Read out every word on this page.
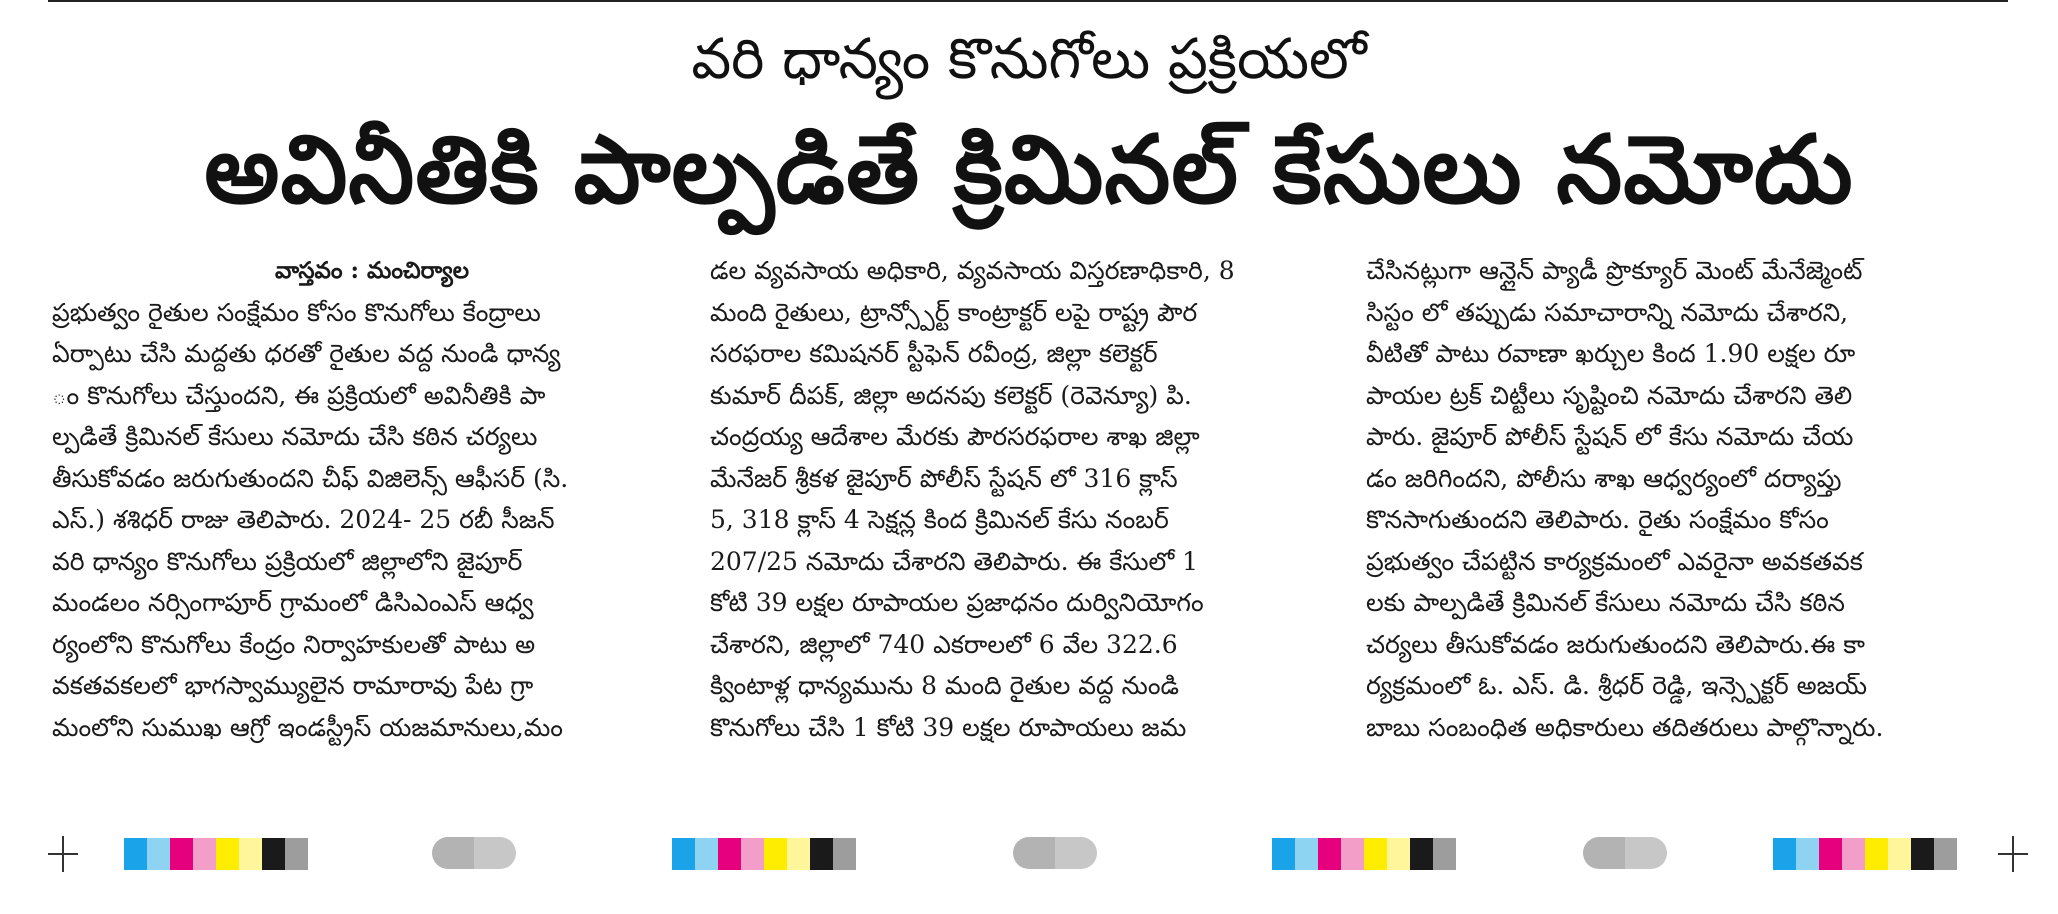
వరి ధాన్యం కొనుగోలు ప్రక్రియలో
అవినీతికి పాల్పడితే క్రిమినల్ కేసులు నమోదు
వాస్తవం : మంచిర్యాల
ప్రభుత్వం రైతుల సంక్షేమం కోసం కొనుగోలు కేంద్రాలు
ఏర్పాటు చేసి మద్దతు ధరతో రైతుల వద్ద నుండి ధాన్య
ం కొనుగోలు చేస్తుందని, ఈ ప్రక్రియలో అవినీతికి పా
ల్పడితే క్రిమినల్ కేసులు నమోదు చేసి కఠిన చర్యలు
తీసుకోవడం జరుగుతుందని చీఫ్ విజిలెన్స్ ఆఫీసర్ (సి.
ఎస్.) శశిధర్ రాజు తెలిపారు. 2024- 25 రబీ సీజన్
వరి ధాన్యం కొనుగోలు ప్రక్రియలో జిల్లాలోని జైపూర్
మండలం నర్సింగాపూర్ గ్రామంలో డిసిఎంఎస్ ఆధ్వ
ర్యంలోని కొనుగోలు కేంద్రం నిర్వాహకులతో పాటు అ
వకతవకలలో భాగస్వామ్యులైన రామారావు పేట గ్రా
మంలోని సుముఖ ఆగ్రో ఇండస్ట్రీస్ యజమానులు,మం
డల వ్యవసాయ అధికారి, వ్యవసాయ విస్తరణాధికారి, 8
మంది రైతులు, ట్రాన్స్పోర్ట్ కాంట్రాక్టర్ లపై రాష్ట్ర పౌర
సరఫరాల కమిషనర్ స్టీఫెన్ రవీంద్ర, జిల్లా కలెక్టర్
కుమార్ దీపక్, జిల్లా అదనపు కలెక్టర్ (రెవెన్యూ) పి.
చంద్రయ్య ఆదేశాల మేరకు పౌరసరఫరాల శాఖ జిల్లా
మేనేజర్ శ్రీకళ జైపూర్ పోలీస్ స్టేషన్ లో 316 క్లాస్
5, 318 క్లాస్ 4 సెక్షన్ల కింద క్రిమినల్ కేసు నంబర్
207/25 నమోదు చేశారని తెలిపారు. ఈ కేసులో 1
కోటి 39 లక్షల రూపాయల ప్రజాధనం దుర్వినియోగం
చేశారని, జిల్లాలో 740 ఎకరాలలో 6 వేల 322.6
క్వింటాళ్ల ధాన్యమును 8 మంది రైతుల వద్ద నుండి
కొనుగోలు చేసి 1 కోటి 39 లక్షల రూపాయలు జమ
చేసినట్లుగా ఆన్లైన్ ప్యాడీ ప్రొక్యూర్ మెంట్ మేనేజ్మెంట్
సిస్టం లో తప్పుడు సమాచారాన్ని నమోదు చేశారని,
వీటితో పాటు రవాణా ఖర్చుల కింద 1.90 లక్షల రూ
పాయల ట్రక్ చిట్టీలు సృష్టించి నమోదు చేశారని తెలి
పారు. జైపూర్ పోలీస్ స్టేషన్ లో కేసు నమోదు చేయ
డం జరిగిందని, పోలీసు శాఖ ఆధ్వర్యంలో దర్యాప్తు
కొనసాగుతుందని తెలిపారు. రైతు సంక్షేమం కోసం
ప్రభుత్వం చేపట్టిన కార్యక్రమంలో ఎవరైనా అవకతవక
లకు పాల్పడితే క్రిమినల్ కేసులు నమోదు చేసి కఠిన
చర్యలు తీసుకోవడం జరుగుతుందని తెలిపారు.ఈ కా
ర్యక్రమంలో ఓ. ఎస్. డి. శ్రీధర్ రెడ్డి, ఇన్స్పెక్టర్ అజయ్
బాబు సంబంధిత అధికారులు తదితరులు పాల్గొన్నారు.
